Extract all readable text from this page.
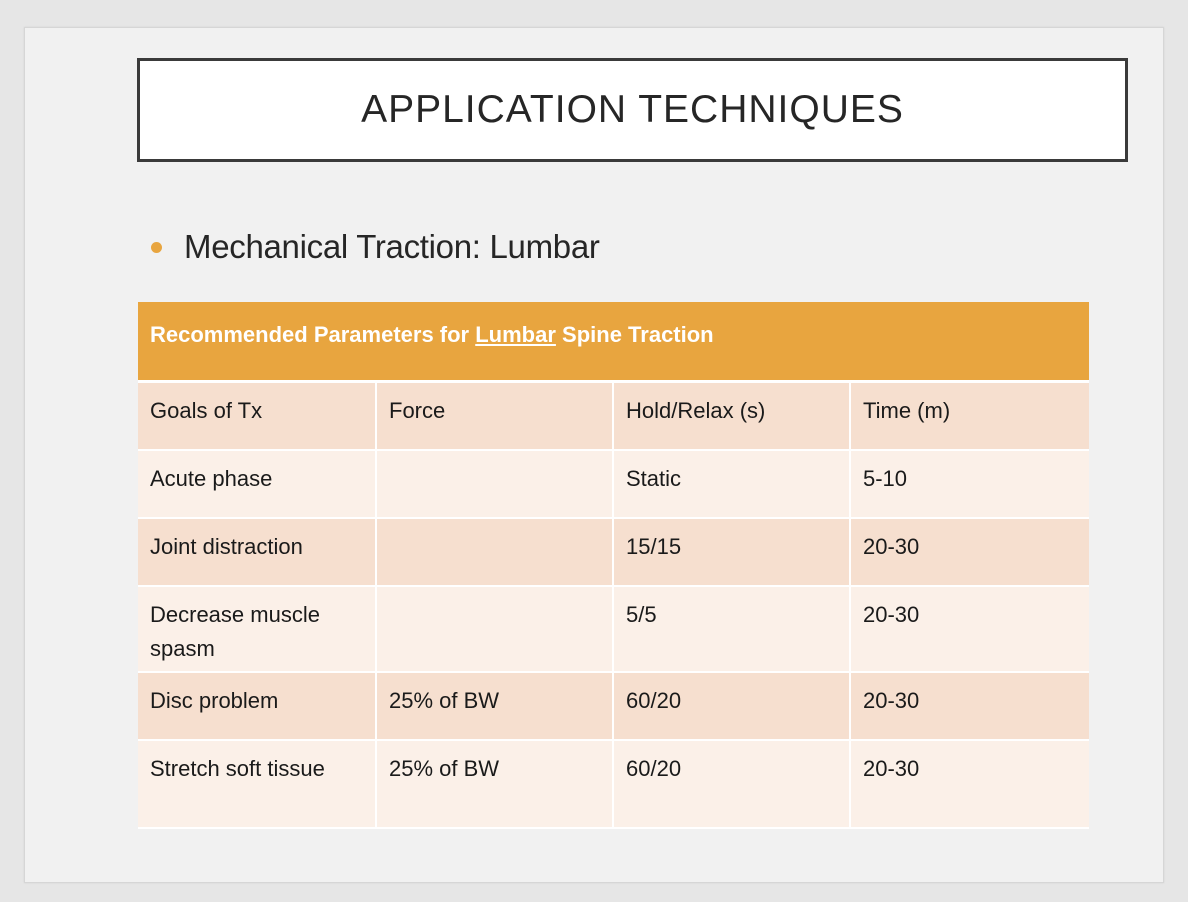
APPLICATION TECHNIQUES
Mechanical Traction: Lumbar
Recommended Parameters for Lumbar Spine Traction			
Goals of Tx	Force	Hold/Relax (s)	Time (m)
Acute phase		Static	5-10
Joint distraction		15/15	20-30
Decrease muscle spasm		5/5	20-30
Disc problem	25% of BW	60/20	20-30
Stretch soft tissue	25% of BW	60/20	20-30
